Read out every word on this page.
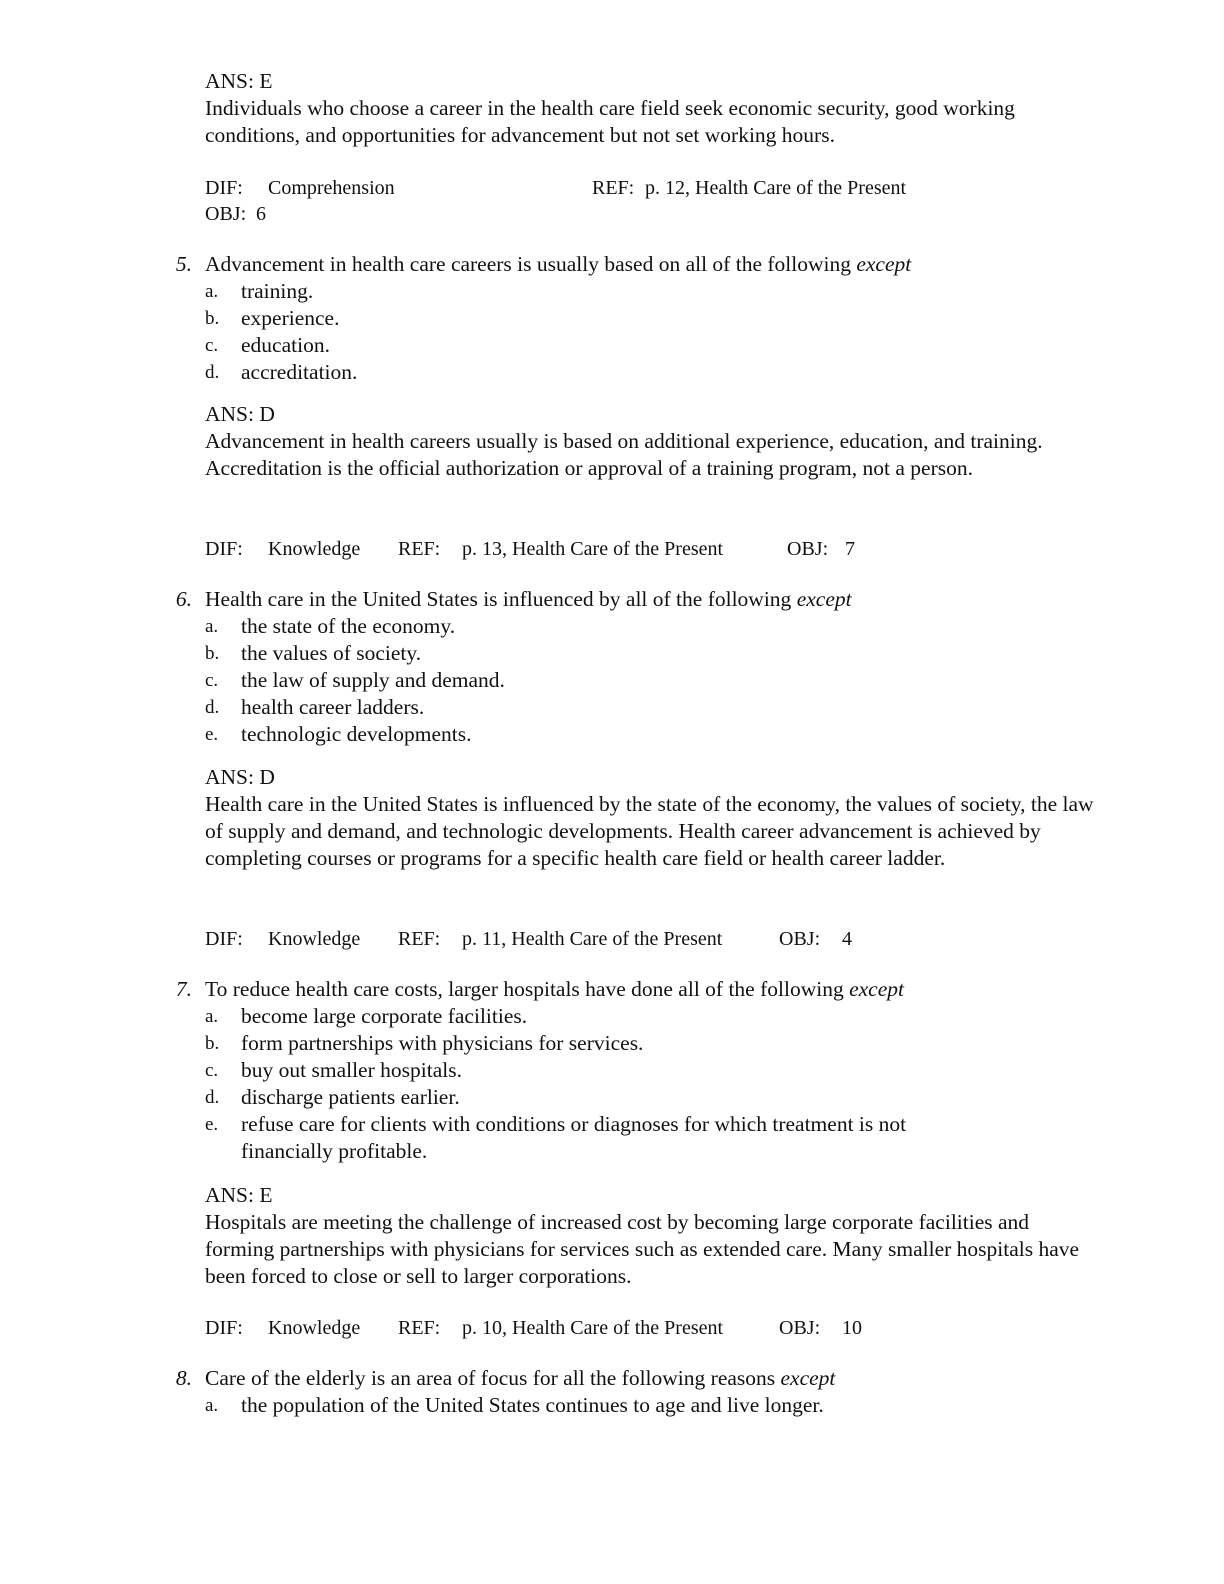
ANS: E
Individuals who choose a career in the health care field seek economic security, good working conditions, and opportunities for advancement but not set working hours.
DIF: Comprehension	REF: p. 12, Health Care of the Present
OBJ: 6
5. Advancement in health care careers is usually based on all of the following except
a.	training.
b. experience.
c.	education.
d. accreditation.
ANS: D
Advancement in health careers usually is based on additional experience, education, and training. Accreditation is the official authorization or approval of a training program, not a person.
DIF: Knowledge REF: p. 13, Health Care of the Present	OBJ: 7
6. Health care in the United States is influenced by all of the following except
a.	the state of the economy.
b. the values of society.
c.	the law of supply and demand.
d. health career ladders.
e.	technologic developments.
ANS: D
Health care in the United States is influenced by the state of the economy, the values of society, the law of supply and demand, and technologic developments. Health career advancement is achieved by completing courses or programs for a specific health care field or health career ladder.
DIF: Knowledge REF: p. 11, Health Care of the Present	OBJ: 4
7. To reduce health care costs, larger hospitals have done all of the following except
a.	become large corporate facilities.
b. form partnerships with physicians for services.
c.	buy out smaller hospitals.
d. discharge patients earlier.
e.	refuse care for clients with conditions or diagnoses for which treatment is not financially profitable.
ANS: E
Hospitals are meeting the challenge of increased cost by becoming large corporate facilities and forming partnerships with physicians for services such as extended care. Many smaller hospitals have been forced to close or sell to larger corporations.
DIF: Knowledge REF: p. 10, Health Care of the Present	OBJ: 10
8. Care of the elderly is an area of focus for all the following reasons except
a.	the population of the United States continues to age and live longer.
